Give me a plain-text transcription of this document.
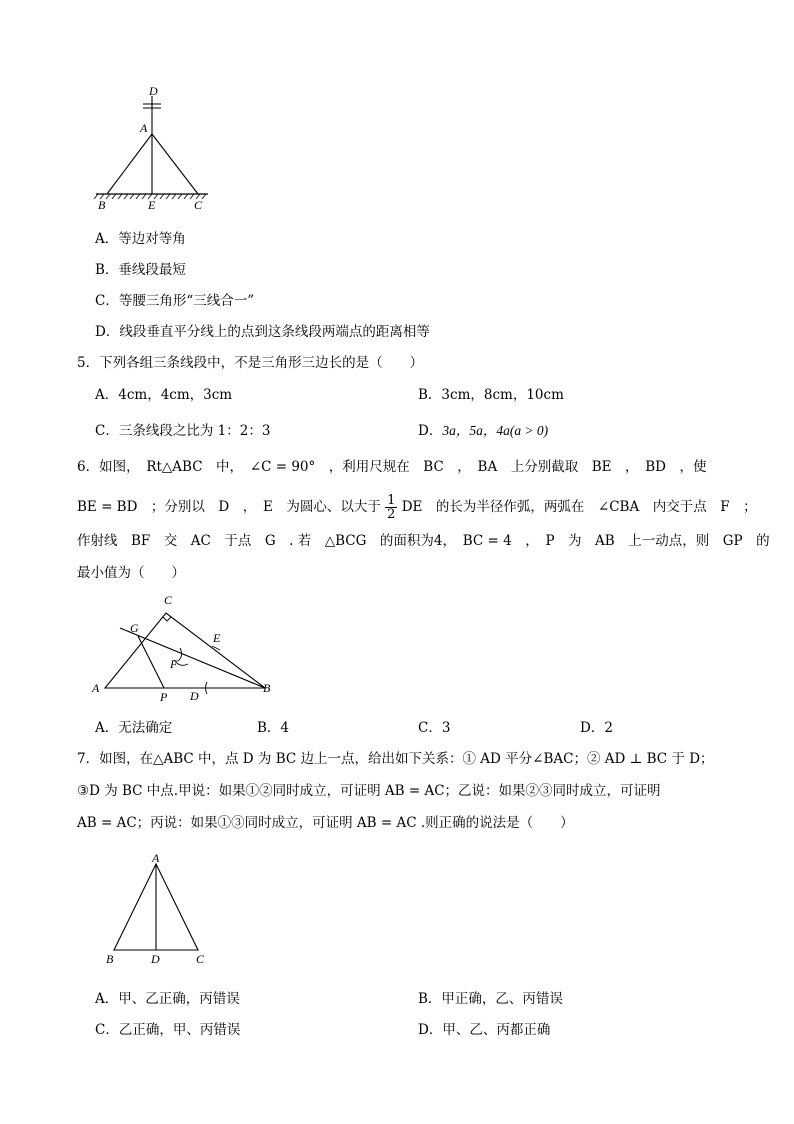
D
A
B	E	C
A．等边对等角
B．垂线段最短
C．等腰三角形“三线合一”
D．线段垂直平分线上的点到这条线段两端点的距离相等
5．下列各组三条线段中，不是三角形三边长的是（　　）
A．4cm，4cm，3cm	B．3cm，8cm，10cm
C．三条线段之比为 1：2：3	D．3a，5a，4a(a > 0)
6．如图，　Rt△ABC　中，　∠C = 90°　，利用尺规在　BC　，　BA　上分别截取　BE　，　BD　，使
BE = BD　；分别以　D　，　E　为圆心、以大于 $\frac{1}{2}$ DE　的长为半径作弧，两弧在　∠CBA　内交于点　F　；
作射线　BF　交　AC　于点　G　. 若　△BCG　的面积为4，　BC = 4　，　P　为　AB　上一动点，则　GP　的
最小值为（　　）
C
G
E
F
A
P D
B
A．无法确定	B．4	C．3	D．2
7．如图，在△ABC 中，点 D 为 BC 边上一点，给出如下关系：① AD 平分∠BAC；② AD ⊥ BC 于 D；
③D 为 BC 中点.甲说：如果①②同时成立，可证明 AB = AC；乙说：如果②③同时成立，可证明
AB = AC；丙说：如果①③同时成立，可证明 AB = AC .则正确的说法是（　　）
A
B	D	C
A．甲、乙正确，丙错误	B．甲正确，乙、丙错误
C．乙正确，甲、丙错误	D．甲、乙、丙都正确
